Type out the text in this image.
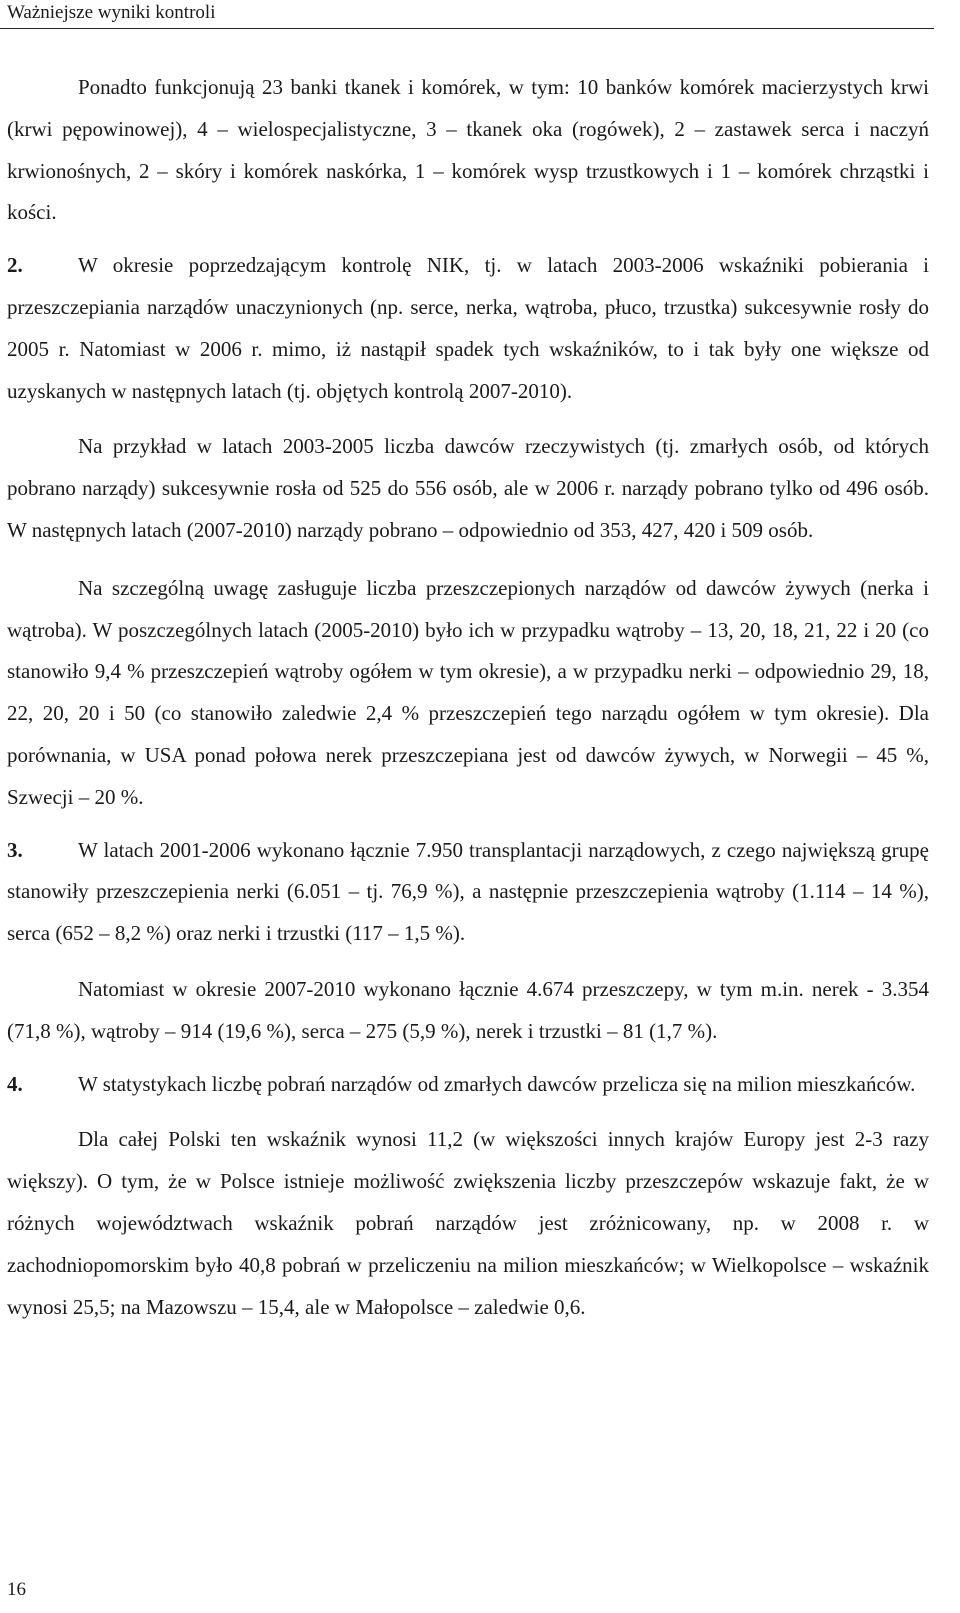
Ważniejsze wyniki kontroli

Ponadto funkcjonują 23 banki tkanek i komórek, w tym: 10 banków komórek macierzystych krwi (krwi pępowinowej), 4 – wielospecjalistyczne, 3 – tkanek oka (rogówek), 2 – zastawek serca i naczyń krwionośnych, 2 – skóry i komórek naskórka, 1 – komórek wysp trzustkowych i 1 – komórek chrząstki i kości.

2.	W okresie poprzedzającym kontrolę NIK, tj. w latach 2003-2006 wskaźniki pobierania i przeszczepiania narządów unaczynionych (np. serce, nerka, wątroba, płuco, trzustka) sukcesywnie rosły do 2005 r. Natomiast w 2006 r. mimo, iż nastąpił spadek tych wskaźników, to i tak były one większe od uzyskanych w następnych latach (tj. objętych kontrolą 2007-2010).

Na przykład w latach 2003-2005 liczba dawców rzeczywistych (tj. zmarłych osób, od których pobrano narządy) sukcesywnie rosła od 525 do 556 osób, ale w 2006 r. narządy pobrano tylko od 496 osób. W następnych latach (2007-2010) narządy pobrano – odpowiednio od 353, 427, 420 i 509 osób.

Na szczególną uwagę zasługuje liczba przeszczepionych narządów od dawców żywych (nerka i wątroba). W poszczególnych latach (2005-2010) było ich w przypadku wątroby – 13, 20, 18, 21, 22 i 20 (co stanowiło 9,4 % przeszczepień wątroby ogółem w tym okresie), a w przypadku nerki – odpowiednio 29, 18, 22, 20, 20 i 50 (co stanowiło zaledwie 2,4 % przeszczepień tego narządu ogółem w tym okresie). Dla porównania, w USA ponad połowa nerek przeszczepiana jest od dawców żywych, w Norwegii – 45 %, Szwecji – 20 %.

3.	W latach 2001-2006 wykonano łącznie 7.950 transplantacji narządowych, z czego największą grupę stanowiły przeszczepienia nerki (6.051 – tj. 76,9 %), a następnie przeszczepienia wątroby (1.114 – 14 %), serca (652 – 8,2 %) oraz nerki i trzustki (117 – 1,5 %).

Natomiast w okresie 2007-2010 wykonano łącznie 4.674 przeszczepy, w tym m.in. nerek - 3.354 (71,8 %), wątroby – 914 (19,6 %), serca – 275 (5,9 %), nerek i trzustki – 81 (1,7 %).

4.	W statystykach liczbę pobrań narządów od zmarłych dawców przelicza się na milion mieszkańców.

Dla całej Polski ten wskaźnik wynosi 11,2 (w większości innych krajów Europy jest 2-3 razy większy). O tym, że w Polsce istnieje możliwość zwiększenia liczby przeszczepów wskazuje fakt, że w różnych województwach wskaźnik pobrań narządów jest zróżnicowany, np. w 2008 r. w zachodniopomorskim było 40,8 pobrań w przeliczeniu na milion mieszkańców; w Wielkopolsce – wskaźnik wynosi 25,5; na Mazowszu – 15,4, ale w Małopolsce – zaledwie 0,6.

16
